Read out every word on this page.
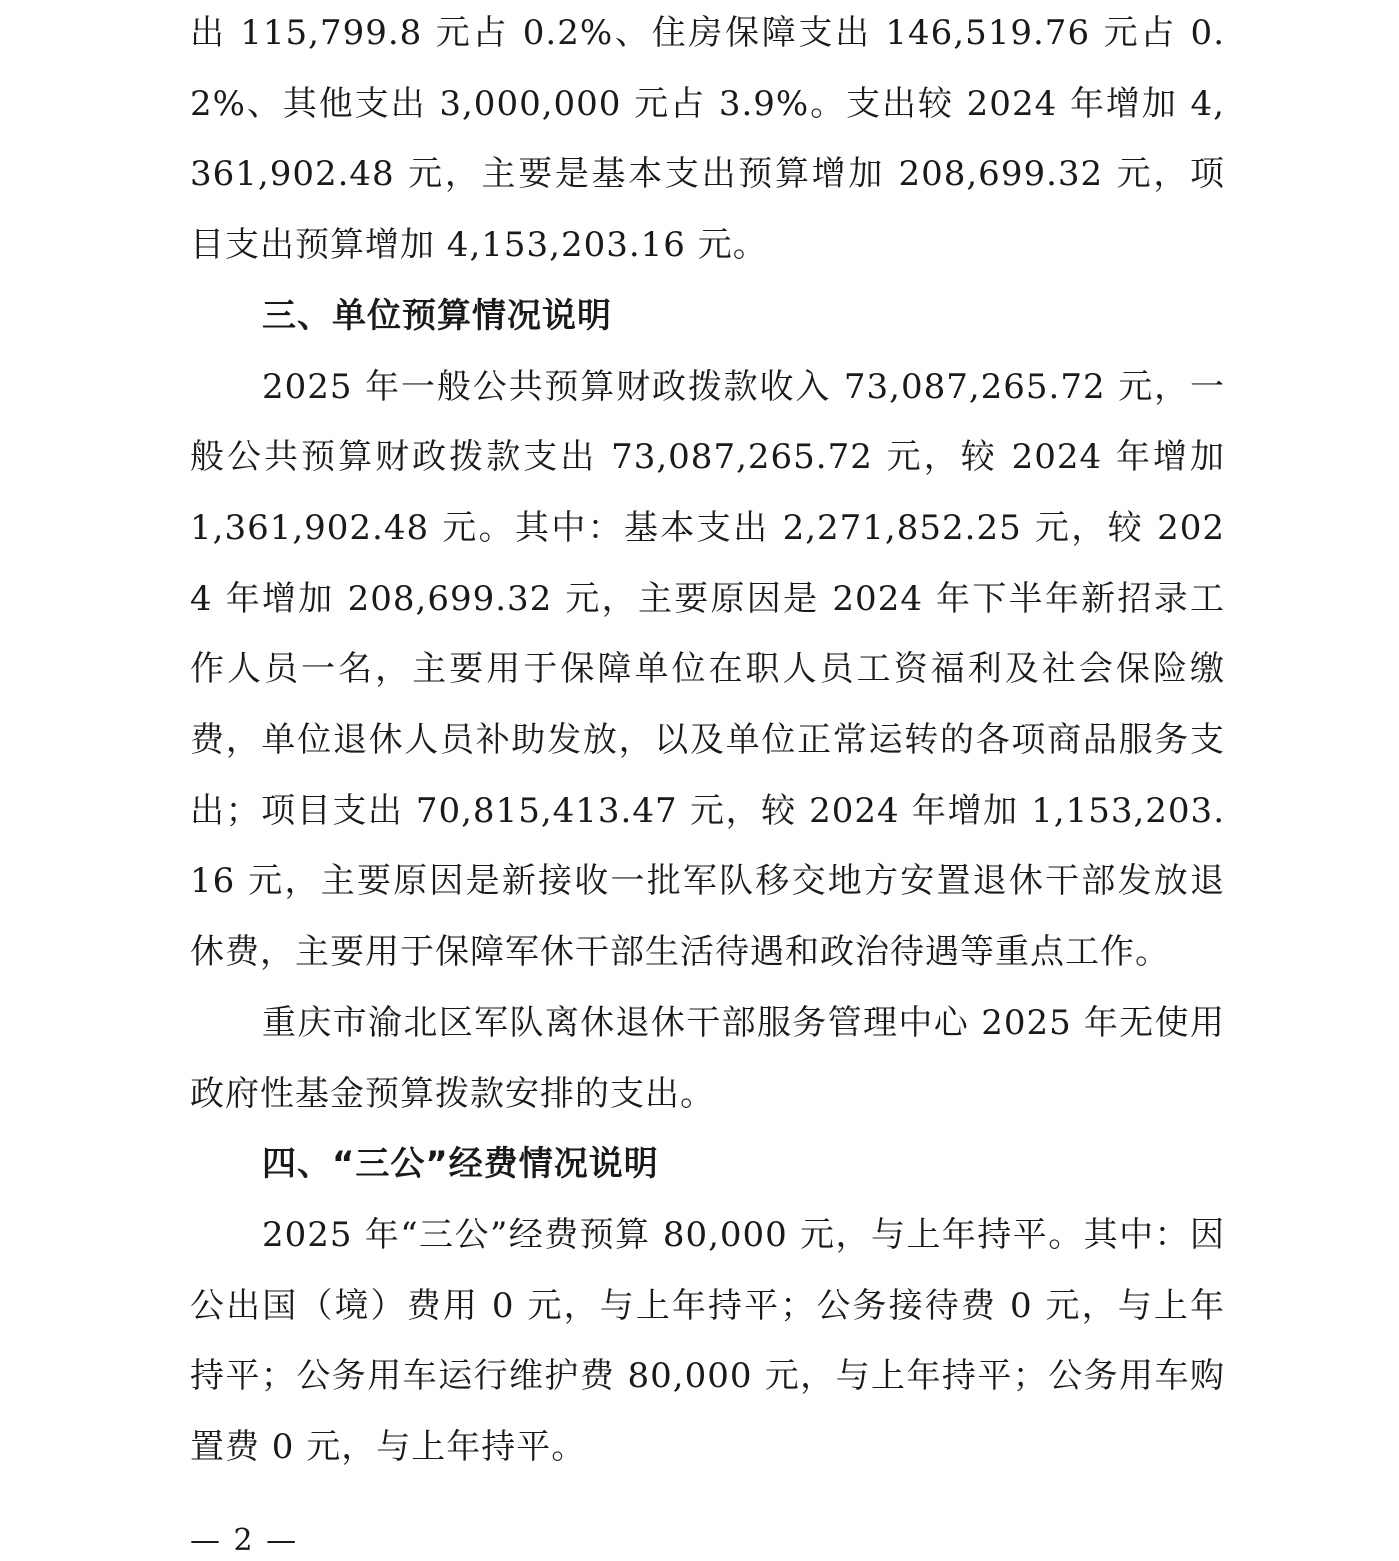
出 115,799.8 元占 0.2%、住房保障支出 146,519.76 元占 0.2%、其他支出 3,000,000 元占 3.9%。支出较 2024 年增加 4,361,902.48 元，主要是基本支出预算增加 208,699.32 元，项目支出预算增加 4,153,203.16 元。

三、单位预算情况说明

2025 年一般公共预算财政拨款收入 73,087,265.72 元，一般公共预算财政拨款支出 73,087,265.72 元，较 2024 年增加 1,361,902.48 元。其中：基本支出 2,271,852.25 元，较 2024 年增加 208,699.32 元，主要原因是 2024 年下半年新招录工作人员一名，主要用于保障单位在职人员工资福利及社会保险缴费，单位退休人员补助发放，以及单位正常运转的各项商品服务支出；项目支出 70,815,413.47 元，较 2024 年增加 1,153,203.16 元，主要原因是新接收一批军队移交地方安置退休干部发放退休费，主要用于保障军休干部生活待遇和政治待遇等重点工作。

重庆市渝北区军队离休退休干部服务管理中心 2025 年无使用政府性基金预算拨款安排的支出。

四、“三公”经费情况说明

2025 年“三公”经费预算 80,000 元，与上年持平。其中：因公出国（境）费用 0 元，与上年持平；公务接待费 0 元，与上年持平；公务用车运行维护费 80,000 元，与上年持平；公务用车购置费 0 元，与上年持平。

— 2 —
